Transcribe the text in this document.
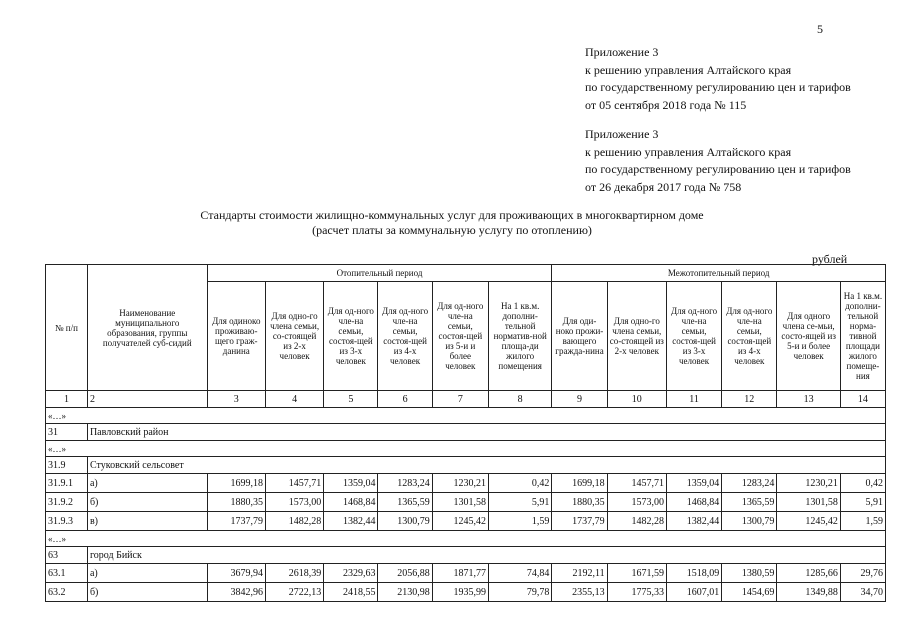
5
Приложение 3
к решению управления Алтайского края
по государственному регулированию цен и тарифов
от 05 сентября 2018 года № 115
Приложение 3
к решению управления Алтайского края
по государственному регулированию цен и тарифов
от 26 декабря 2017 года № 758
Стандарты стоимости жилищно-коммунальных услуг для проживающих в многоквартирном доме
(расчет платы за коммунальную услугу по отоплению)
рублей
№ п/п	Наименование муниципального образования, группы получателей суб-сидий	Отопительный период						Межотопительный период					
		Для одиноко проживаю-щего граж-данина	Для одно-го члена семьи, со-стоящей из 2-х человек	Для од-ного чле-на семьи, состоя-щей из 3-х человек	Для од-ного чле-на семьи, состоя-щей из 4-х человек	Для од-ного чле-на семьи, состоя-щей из 5-и и более человек	На 1 кв.м. дополни-тельной норматив-ной площа-ди жилого помещения	Для оди-ноко прожи-вающего гражда-нина	Для одно-го члена семьи, со-стоящей из 2-х человек	Для од-ного чле-на семьи, состоя-щей из 3-х человек	Для од-ного чле-на семьи, состоя-щей из 4-х человек	Для одного члена се-мьи, состо-ящей из 5-и и более человек	На 1 кв.м. дополни-тельной норма-тивной площади жилого помеще-ния
1	2	3	4	5	6	7	8	9	10	11	12	13	14
«…»													
31	Павловский район												
«…»													
31.9	Стуковский сельсовет												
31.9.1	а)	1699,18	1457,71	1359,04	1283,24	1230,21	0,42	1699,18	1457,71	1359,04	1283,24	1230,21	0,42
31.9.2	б)	1880,35	1573,00	1468,84	1365,59	1301,58	5,91	1880,35	1573,00	1468,84	1365,59	1301,58	5,91
31.9.3	в)	1737,79	1482,28	1382,44	1300,79	1245,42	1,59	1737,79	1482,28	1382,44	1300,79	1245,42	1,59
«…»													
63	город Бийск												
63.1	а)	3679,94	2618,39	2329,63	2056,88	1871,77	74,84	2192,11	1671,59	1518,09	1380,59	1285,66	29,76
63.2	б)	3842,96	2722,13	2418,55	2130,98	1935,99	79,78	2355,13	1775,33	1607,01	1454,69	1349,88	34,70
